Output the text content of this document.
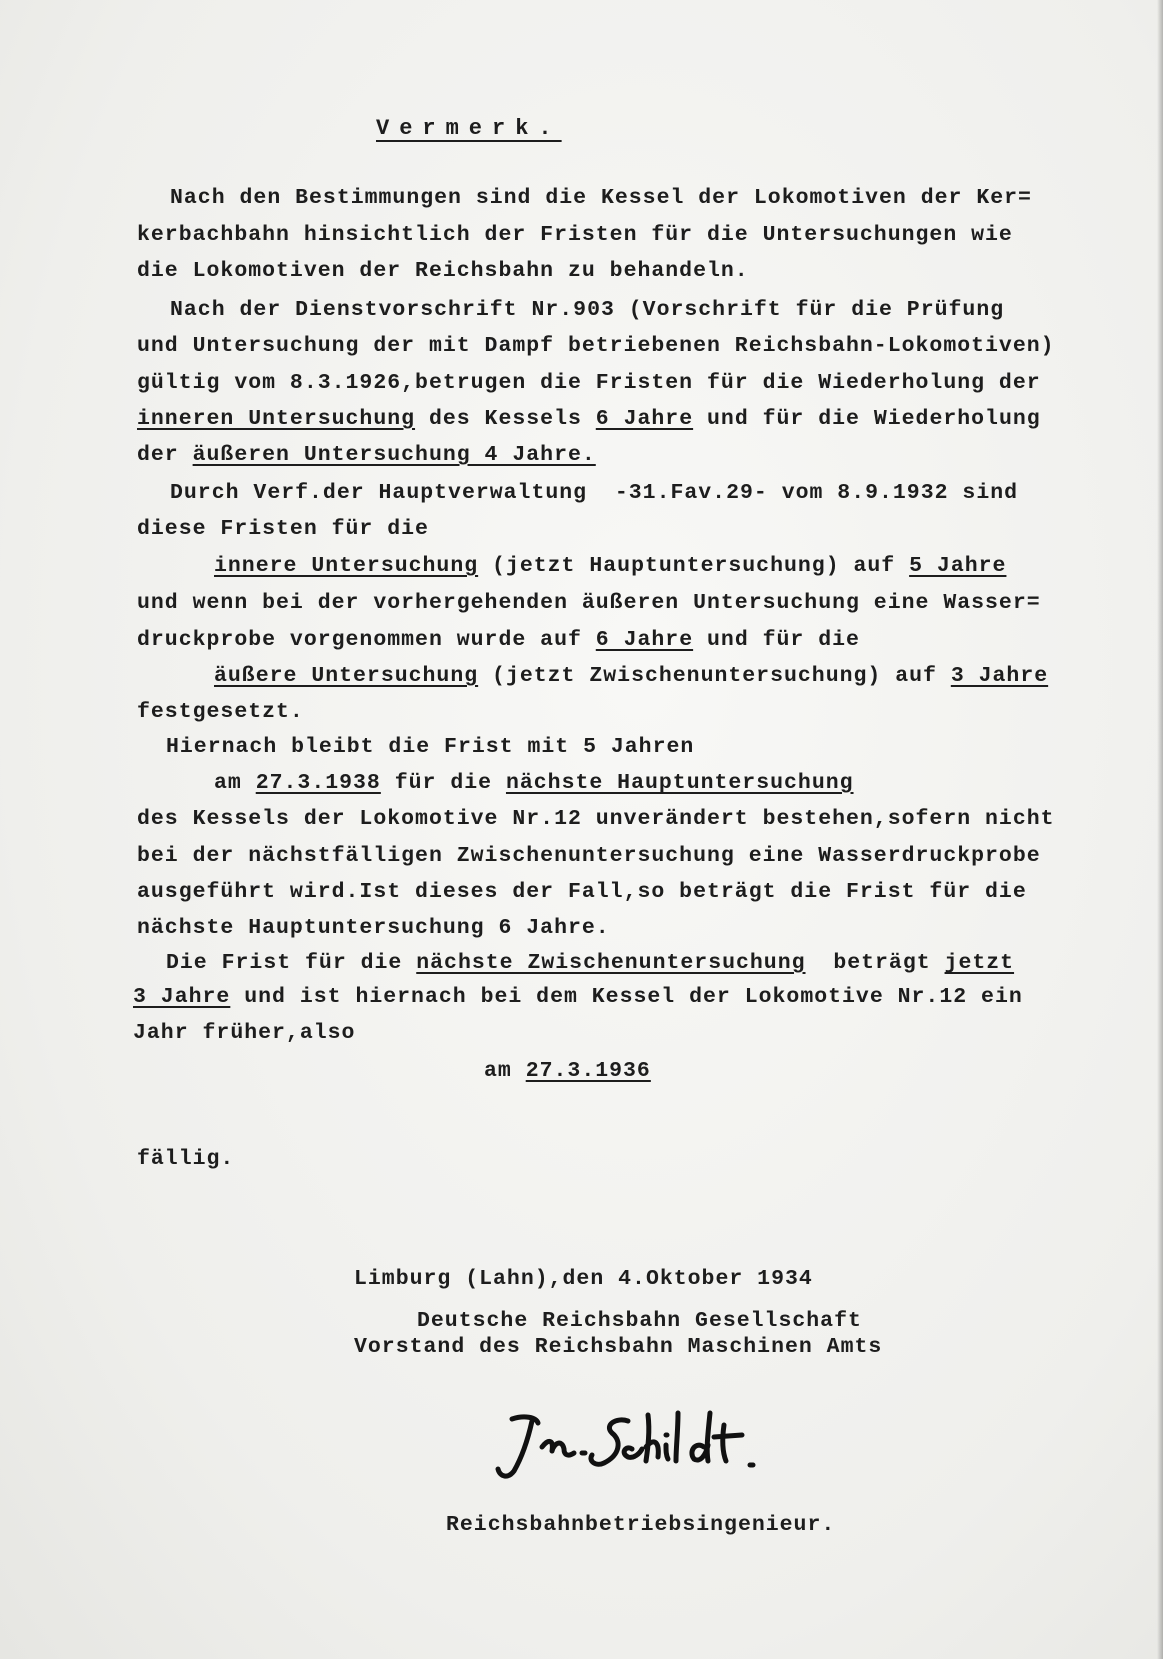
Vermerk.

Nach den Bestimmungen sind die Kessel der Lokomotiven der Ker=

kerbachbahn hinsichtlich der Fristen für die Untersuchungen wie

die Lokomotiven der Reichsbahn zu behandeln.

Nach der Dienstvorschrift Nr.903 (Vorschrift für die Prüfung

und Untersuchung der mit Dampf betriebenen Reichsbahn-Lokomotiven)

gültig vom 8.3.1926,betrugen die Fristen für die Wiederholung der

inneren Untersuchung des Kessels 6 Jahre und für die Wiederholung

der äußeren Untersuchung 4 Jahre.

Durch Verf.der Hauptverwaltung  -31.Fav.29- vom 8.9.1932 sind

diese Fristen für die

innere Untersuchung (jetzt Hauptuntersuchung) auf 5 Jahre

und wenn bei der vorhergehenden äußeren Untersuchung eine Wasser=

druckprobe vorgenommen wurde auf 6 Jahre und für die

äußere Untersuchung (jetzt Zwischenuntersuchung) auf 3 Jahre

festgesetzt.

Hiernach bleibt die Frist mit 5 Jahren

am 27.3.1938 für die nächste Hauptuntersuchung

des Kessels der Lokomotive Nr.12 unverändert bestehen,sofern nicht

bei der nächstfälligen Zwischenuntersuchung eine Wasserdruckprobe

ausgeführt wird.Ist dieses der Fall,so beträgt die Frist für die

nächste Hauptuntersuchung 6 Jahre.

Die Frist für die nächste Zwischenuntersuchung  beträgt jetzt

3 Jahre und ist hiernach bei dem Kessel der Lokomotive Nr.12 ein

Jahr früher,also

am 27.3.1936

fällig.

Limburg (Lahn),den 4.Oktober 1934

Deutsche Reichsbahn Gesellschaft

Vorstand des Reichsbahn Maschinen Amts

Reichsbahnbetriebsingenieur.
